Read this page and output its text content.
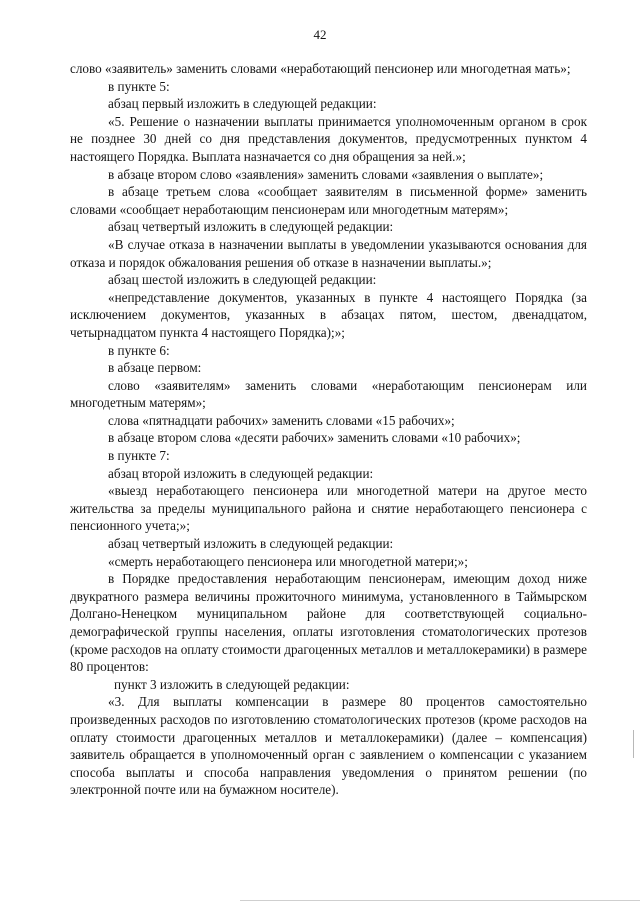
42

слово «заявитель» заменить словами «неработающий пенсионер или многодетная мать»;

в пункте 5:

абзац первый изложить в следующей редакции:

«5. Решение о назначении выплаты принимается уполномоченным органом в срок не позднее 30 дней со дня представления документов, предусмотренных пунктом 4 настоящего Порядка. Выплата назначается со дня обращения за ней.»;

в абзаце втором слово «заявления» заменить словами «заявления о выплате»;

в абзаце третьем слова «сообщает заявителям в письменной форме» заменить словами «сообщает неработающим пенсионерам или многодетным матерям»;

абзац четвертый изложить в следующей редакции:

«В случае отказа в назначении выплаты в уведомлении указываются основания для отказа и порядок обжалования решения об отказе в назначении выплаты.»;

абзац шестой изложить в следующей редакции:

«непредставление документов, указанных в пункте 4 настоящего Порядка (за исключением документов, указанных в абзацах пятом, шестом, двенадцатом, четырнадцатом пункта 4 настоящего Порядка);»;

в пункте 6:

в абзаце первом:

слово «заявителям» заменить словами «неработающим пенсионерам или многодетным матерям»;

слова «пятнадцати рабочих» заменить словами «15 рабочих»;

в абзаце втором слова «десяти рабочих» заменить словами «10 рабочих»;

в пункте 7:

абзац второй изложить в следующей редакции:

«выезд неработающего пенсионера или многодетной матери на другое место жительства за пределы муниципального района и снятие неработающего пенсионера с пенсионного учета;»;

абзац четвертый изложить в следующей редакции:

«смерть неработающего пенсионера или многодетной матери;»;

в Порядке предоставления неработающим пенсионерам, имеющим доход ниже двукратного размера величины прожиточного минимума, установленного в Таймырском Долгано-Ненецком муниципальном районе для соответствующей социально-демографической группы населения, оплаты изготовления стоматологических протезов (кроме расходов на оплату стоимости драгоценных металлов и металлокерамики) в размере 80 процентов:

пункт 3 изложить в следующей редакции:

«3. Для выплаты компенсации в размере 80 процентов самостоятельно произведенных расходов по изготовлению стоматологических протезов (кроме расходов на оплату стоимости драгоценных металлов и металлокерамики) (далее – компенсация) заявитель обращается в уполномоченный орган с заявлением о компенсации с указанием способа выплаты и способа направления уведомления о принятом решении (по электронной почте или на бумажном носителе).
